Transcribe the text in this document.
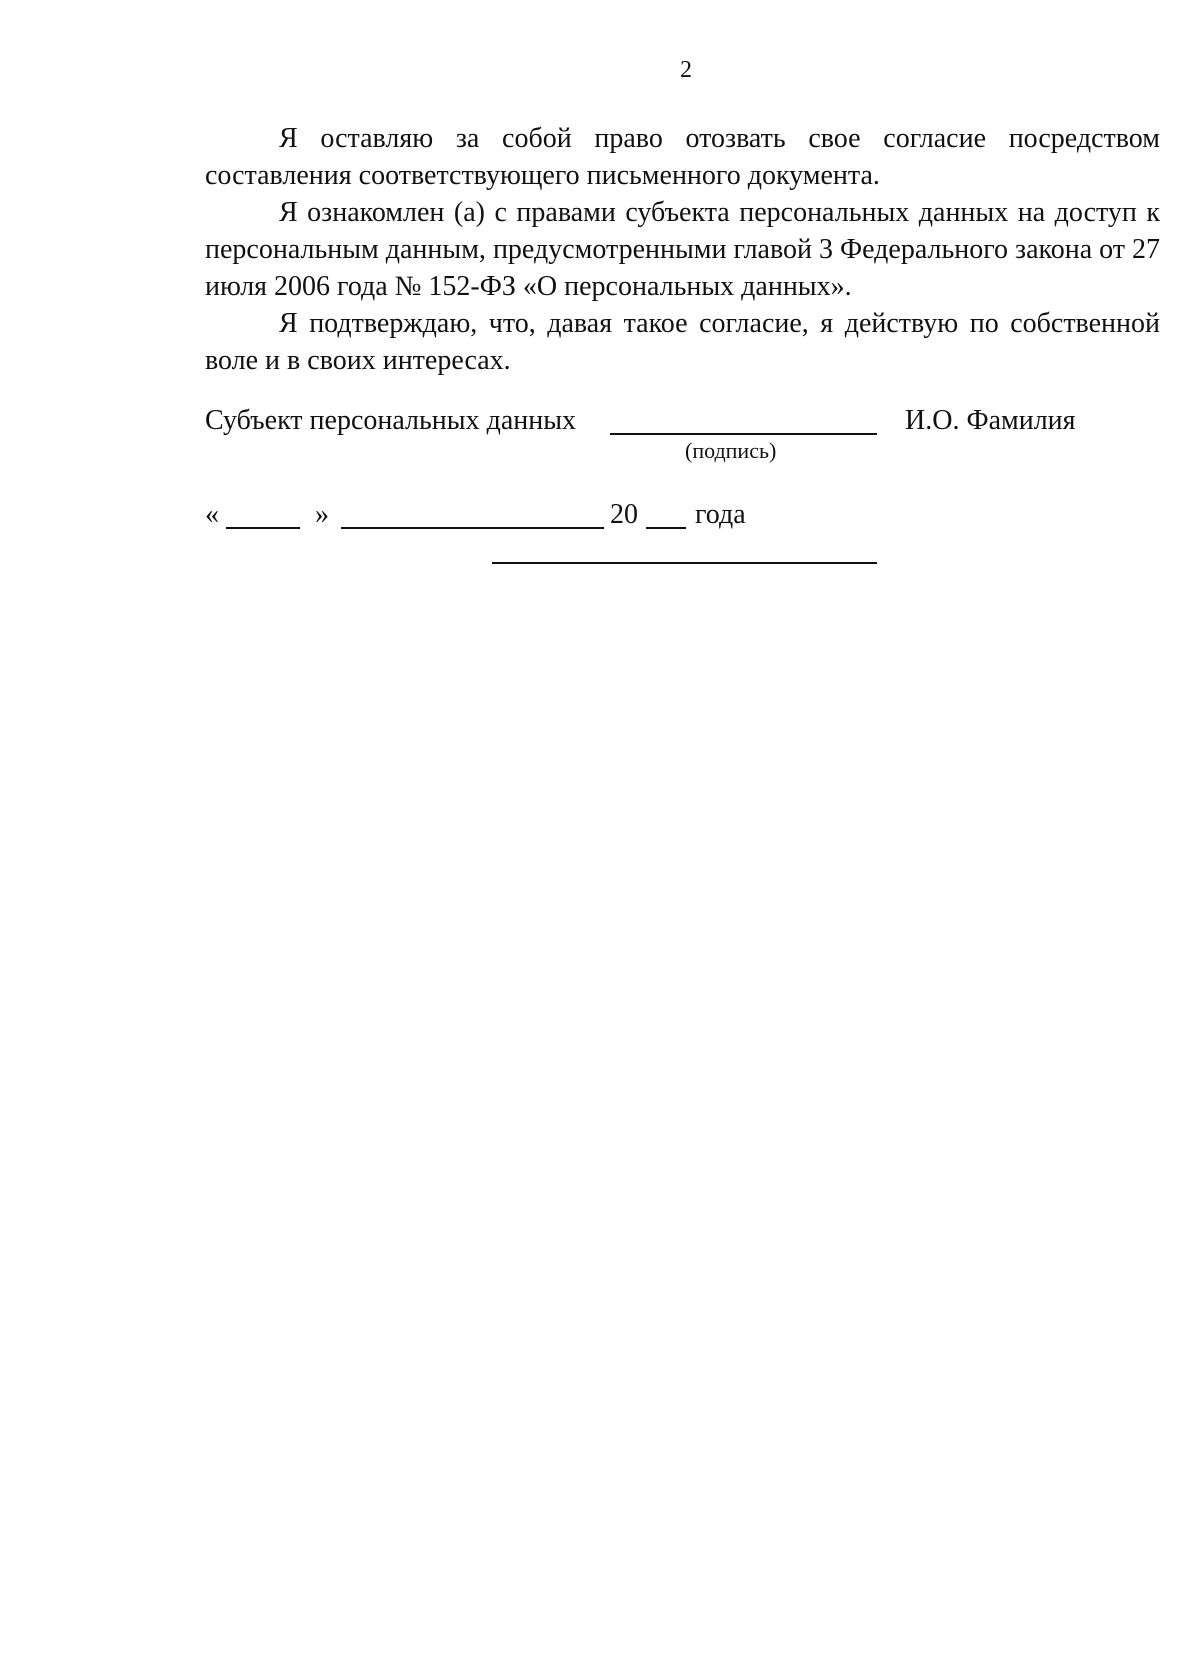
2

Я оставляю за собой право отозвать свое согласие посредством составления соответствующего письменного документа.

Я ознакомлен (а) с правами субъекта персональных данных на доступ к персональным данным, предусмотренными главой 3 Федерального закона от 27 июля 2006 года № 152-ФЗ «О персональных данных».

Я подтверждаю, что, давая такое согласие, я действую по собственной воле и в своих интересах.

Субъект персональных данных	И.О. Фамилия
(подпись)
«	»	20 года
